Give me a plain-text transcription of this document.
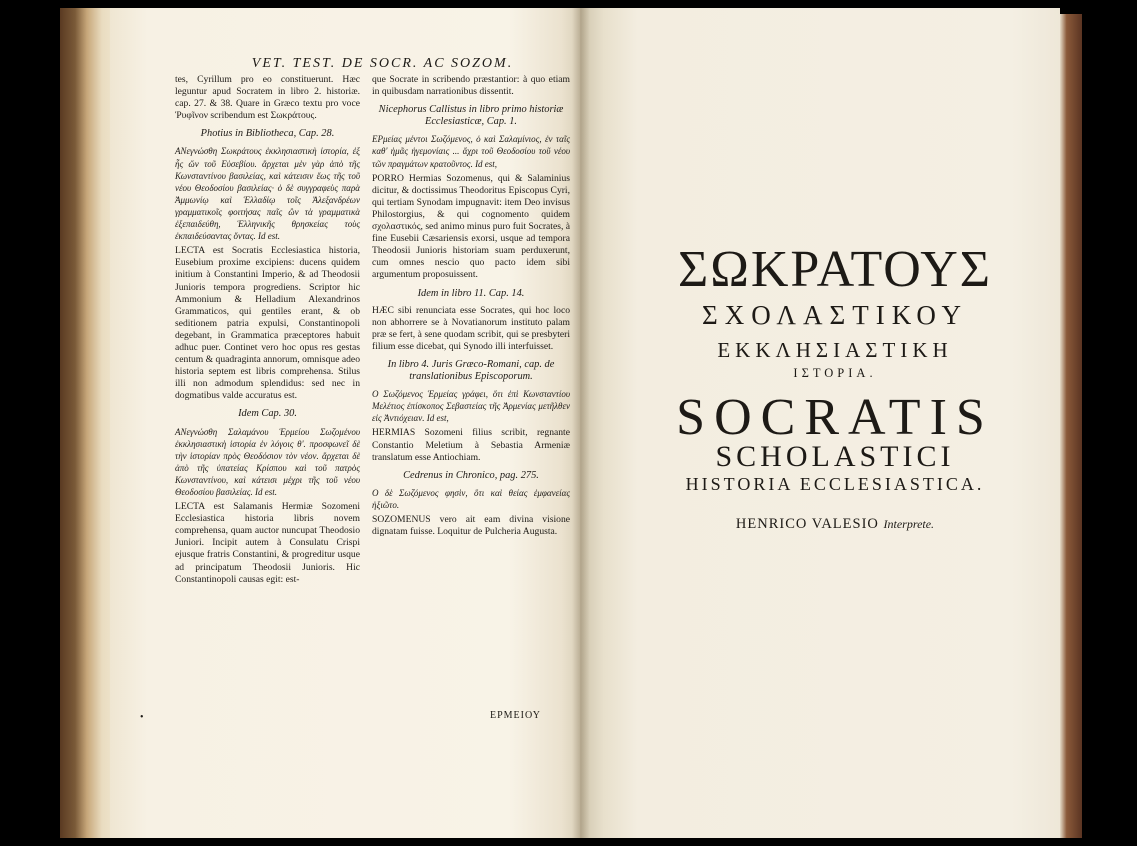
VET. TEST. DE SOCR. AC SOZOM.

tes, Cyrillum pro eo constituerunt. Hæc leguntur apud Socratem in libro 2. historiæ. cap. 27. & 38. Quare in Græco textu pro voce Ῥυφῖνον scribendum est Σωκράτους.

Photius in Bibliotheca, Cap. 28.

ΑΝεγνώσθη Σωκράτους ἐκκλησιαστικὴ ἱστορία, ἐξ ἧς ὤν τοῦ Εὐσεβίου. ἄρχεται μὲν γὰρ ἀπὸ τῆς Κωνσταντίνου βασιλείας, καὶ κάτεισιν ἕως τῆς τοῦ νέου Θεοδοσίου βασιλείας· ὁ δὲ συγγραφεὺς παρὰ Ἀμμωνίῳ καὶ Ἑλλαδίῳ τοῖς Ἀλεξανδρέων γραμματικοῖς φοιτήσας παῖς ὢν τὰ γραμματικὰ ἐξεπαιδεύθη, Ἑλληνικῆς θρησκείας τοὺς ἐκπαιδεύσαντας ὄντας. Id est.

LECTA est Socratis Ecclesiastica historia, Eusebium proxime excipiens: ducens quidem initium à Constantini Imperio, & ad Theodosii Junioris tempora progrediens. Scriptor hic Ammonium & Helladium Alexandrinos Grammaticos, qui gentiles erant, & ob seditionem patria expulsi, Constantinopoli degebant, in Grammatica præceptores habuit adhuc puer. Continet vero hoc opus res gestas centum & quadraginta annorum, omnisque adeo historia septem est libris comprehensa. Stilus illi non admodum splendidus: sed nec in dogmatibus valde accuratus est.

Idem Cap. 30.

ΑΝεγνώσθη Σαλαμάνου Ἑρμείου Σωζομένου ἐκκλησιαστικὴ ἱστορία ἐν λόγοις θ'. προσφωνεῖ δὲ τὴν ἱστορίαν πρὸς Θεοδόσιον τὸν νέον. ἄρχεται δὲ ἀπὸ τῆς ὑπατείας Κρίσπου καὶ τοῦ πατρὸς Κωνσταντίνου, καὶ κάτεισι μέχρι τῆς τοῦ νέου Θεοδοσίου βασιλείας. Id est.

LECTA est Salamanis Hermiæ Sozomeni Ecclesiastica historia libris novem comprehensa, quam auctor nuncupat Theodosio Juniori. Incipit autem à Consulatu Crispi ejusque fratris Constantini, & progreditur usque ad principatum Theodosii Junioris. Hic Constantinopoli causas egit: est-

que Socrate in scribendo præstantior: à quo etiam in quibusdam narrationibus dissentit.

Nicephorus Callistus in libro primo historiæ Ecclesiasticæ, Cap. 1.

ΕΡμείας μέντοι Σωζόμενος, ὁ καὶ Σαλαμίνιος, ἐν ταῖς καθ' ἡμᾶς ἡγεμονίαις ... ἄχρι τοῦ Θεοδοσίου τοῦ νέου τῶν πραγμάτων κρατοῦντος. Id est,

PORRO Hermias Sozomenus, qui & Salaminius dicitur, & doctissimus Theodoritus Episcopus Cyri, qui tertiam Synodam impugnavit: item Deo invisus Philostorgius, & qui cognomento quidem σχολαστικός, sed animo minus puro fuit Socrates, à fine Eusebii Cæsariensis exorsi, usque ad tempora Theodosii Junioris historiam suam perduxerunt, cum omnes nescio quo pacto idem sibi argumentum proposuissent.

Idem in libro 11. Cap. 14.

HÆC sibi renunciata esse Socrates, qui hoc loco non abhorrere se à Novatianorum instituto palam præ se fert, à sene quodam scribit, qui se presbyteri filium esse dicebat, qui Synodo illi interfuisset.

In libro 4. Juris Græco-Romani, cap. de translationibus Episcoporum.

Ο Σωζόμενος Ἑρμείας γράφει, ὅτι ἐπὶ Κωνσταντίου Μελέτιος ἐπίσκοπος Σεβαστείας τῆς Ἀρμενίας μετῆλθεν εἰς Ἀντιόχειαν. Id est,

HERMIAS Sozomeni filius scribit, regnante Constantio Meletium à Sebastia Armeniæ translatum esse Antiochiam.

Cedrenus in Chronico, pag. 275.

Ο δὲ Σωζόμενος φησὶν, ὅτι καὶ θείας ἐμφανείας ἠξιῶτο.

SOZOMENUS vero ait eam divina visione dignatam fuisse. Loquitur de Pulcheria Augusta.

•	ΕΡΜΕΙΟΥ
ΣΩΚΡΑΤΟΥΣ
ΣΧΟΛΑΣΤΙΚΟΥ
ΕΚΚΛΗΣΙΑΣΤΙΚΗ
ΙΣΤΟΡΙΑ.
SOCRATIS
SCHOLASTICI
HISTORIA ECCLESIASTICA.
HENRICO VALESIO Interprete.
